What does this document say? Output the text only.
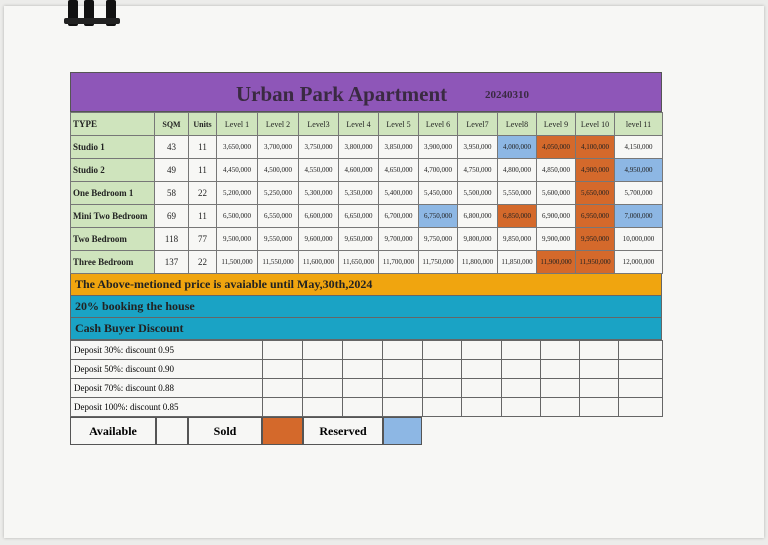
Urban Park Apartment	20240310
TYPE	SQM	Units	Level 1	Level 2	Level3	Level 4	Level 5	Level 6	Level7	Level8	Level 9	Level 10	level 11
Studio 1	43	11	3,650,000	3,700,000	3,750,000	3,800,000	3,850,000	3,900,000	3,950,000	4,000,000	4,050,000	4,100,000	4,150,000
Studio 2	49	11	4,450,000	4,500,000	4,550,000	4,600,000	4,650,000	4,700,000	4,750,000	4,800,000	4,850,000	4,900,000	4,950,000
One Bedroom 1	58	22	5,200,000	5,250,000	5,300,000	5,350,000	5,400,000	5,450,000	5,500,000	5,550,000	5,600,000	5,650,000	5,700,000
Mini Two Bedroom	69	11	6,500,000	6,550,000	6,600,000	6,650,000	6,700,000	6,750,000	6,800,000	6,850,000	6,900,000	6,950,000	7,000,000
Two Bedroom	118	77	9,500,000	9,550,000	9,600,000	9,650,000	9,700,000	9,750,000	9,800,000	9,850,000	9,900,000	9,950,000	10,000,000
Three Bedroom	137	22	11,500,000	11,550,000	11,600,000	11,650,000	11,700,000	11,750,000	11,800,000	11,850,000	11,900,000	11,950,000	12,000,000
The Above-metioned price is avaiable until May,30th,2024
20% booking the house
Cash Buyer Discount
Deposit 30%: discount 0.95										
Deposit 50%: discount 0.90										
Deposit 70%: discount 0.88										
Deposit 100%: discount 0.85										
Available	Sold	Reserved
